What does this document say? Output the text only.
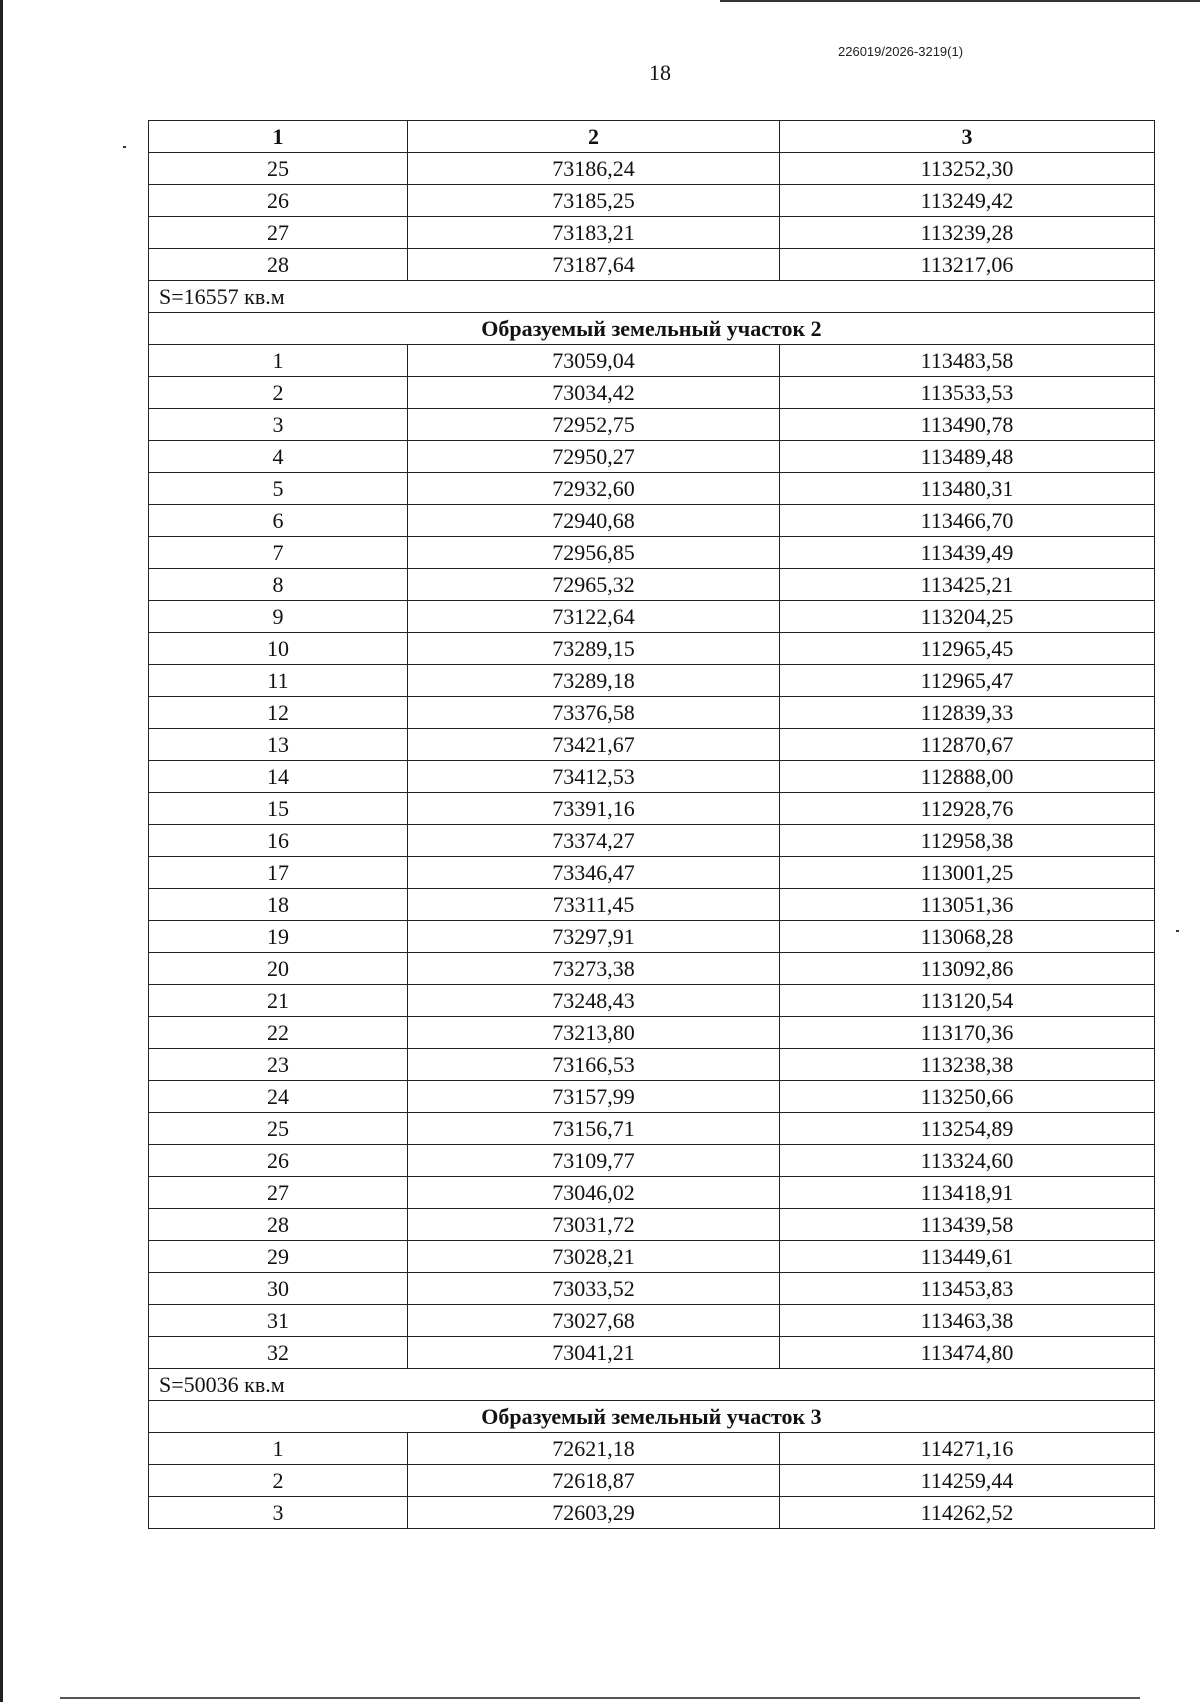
226019/2026-3219(1)
18
1	2	3
25	73186,24	113252,30
26	73185,25	113249,42
27	73183,21	113239,28
28	73187,64	113217,06
S=16557 кв.м		
Образуемый земельный участок 2		
1	73059,04	113483,58
2	73034,42	113533,53
3	72952,75	113490,78
4	72950,27	113489,48
5	72932,60	113480,31
6	72940,68	113466,70
7	72956,85	113439,49
8	72965,32	113425,21
9	73122,64	113204,25
10	73289,15	112965,45
11	73289,18	112965,47
12	73376,58	112839,33
13	73421,67	112870,67
14	73412,53	112888,00
15	73391,16	112928,76
16	73374,27	112958,38
17	73346,47	113001,25
18	73311,45	113051,36
19	73297,91	113068,28
20	73273,38	113092,86
21	73248,43	113120,54
22	73213,80	113170,36
23	73166,53	113238,38
24	73157,99	113250,66
25	73156,71	113254,89
26	73109,77	113324,60
27	73046,02	113418,91
28	73031,72	113439,58
29	73028,21	113449,61
30	73033,52	113453,83
31	73027,68	113463,38
32	73041,21	113474,80
S=50036 кв.м		
Образуемый земельный участок 3		
1	72621,18	114271,16
2	72618,87	114259,44
3	72603,29	114262,52
